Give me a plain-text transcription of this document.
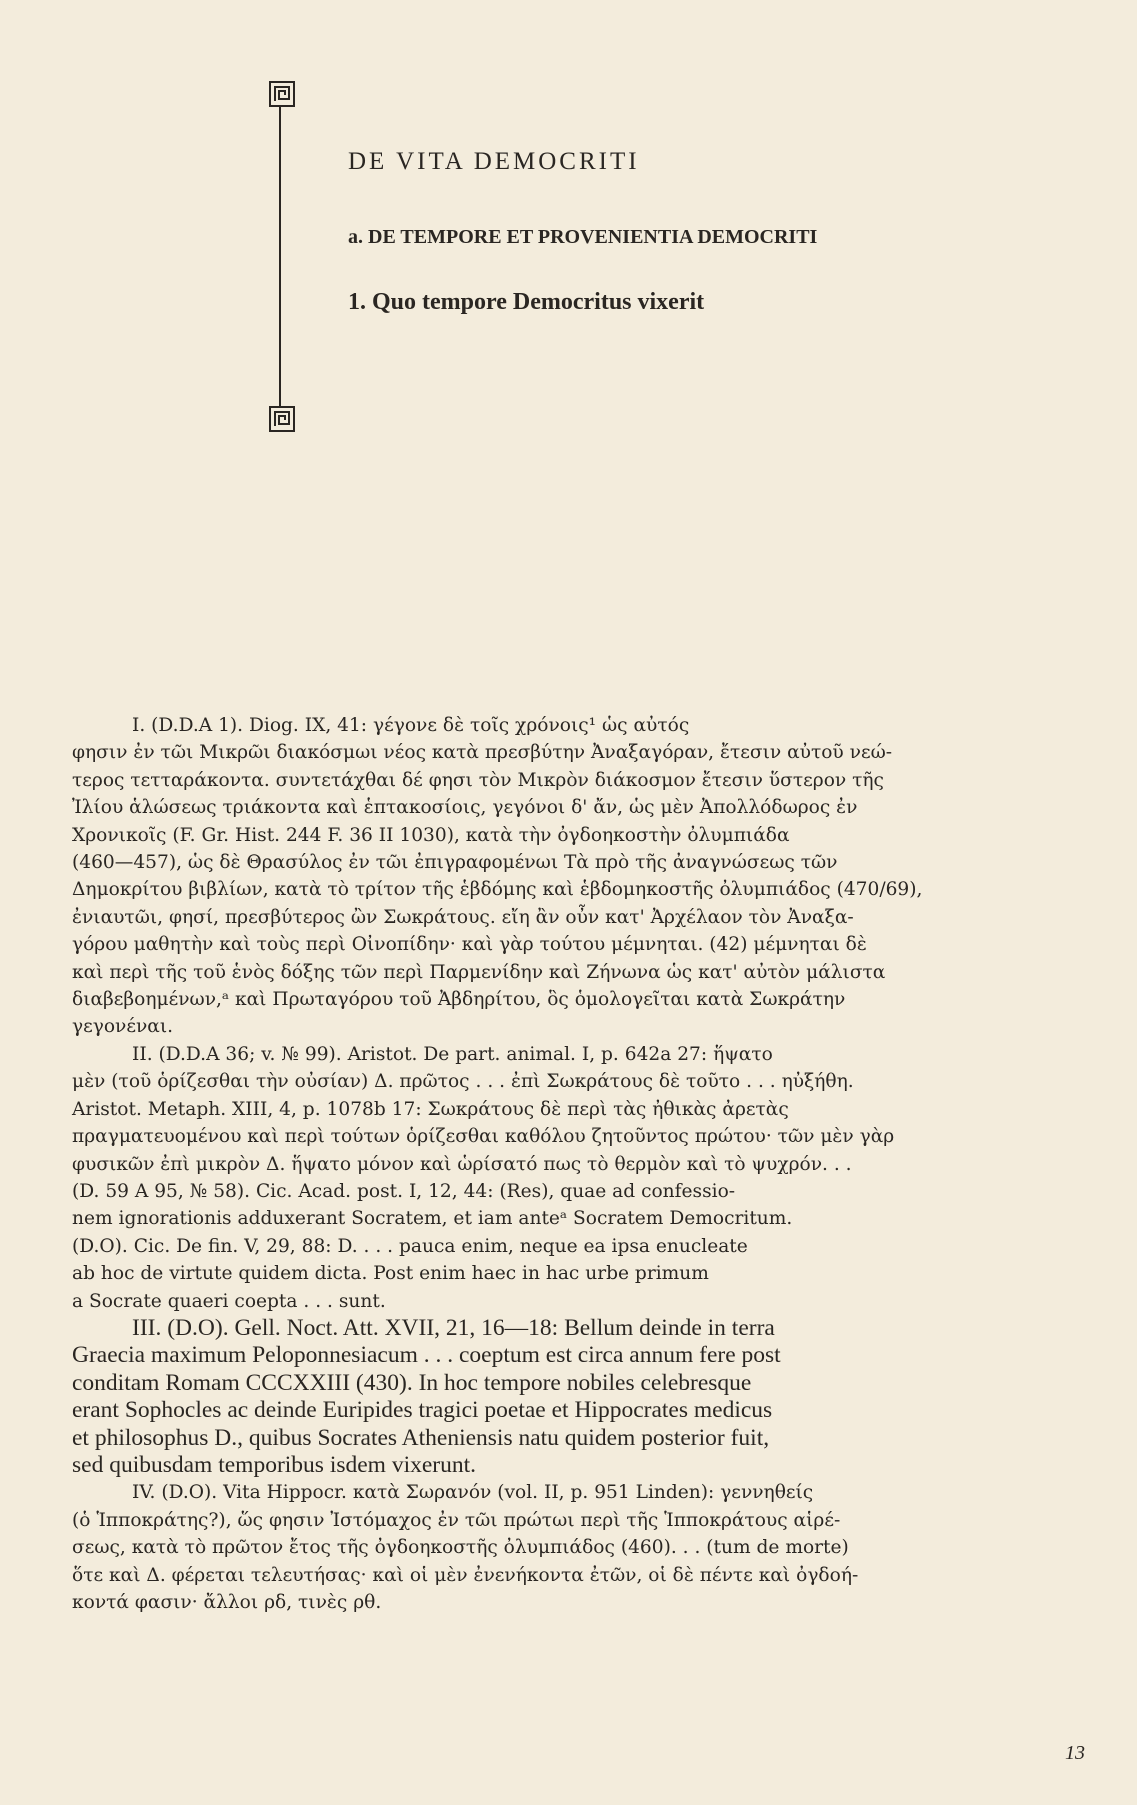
DE VITA DEMOCRITI
a. DE TEMPORE ET PROVENIENTIA DEMOCRITI
1. Quo tempore Democritus vixerit

I. (D.D.A 1). Diog. IX, 41: γέγονε δὲ τοῖς χρόνοις¹ ὡς αὐτός
φησιν ἐν τῶι Μικρῶι διακόσμωι νέος κατὰ πρεσβύτην Ἀναξαγόραν, ἔτεσιν αὐτοῦ νεώ-
τερος τετταράκοντα. συντετάχθαι δέ φησι τὸν Μικρὸν διάκοσμον ἔτεσιν ὕστερον τῆς
Ἰλίου ἁλώσεως τριάκοντα καὶ ἑπτακοσίοις, γεγόνοι δ' ἄν, ὡς μὲν Ἀπολλόδωρος ἐν
Χρονικοῖς (F. Gr. Hist. 244 F. 36 II 1030), κατὰ τὴν ὀγδοηκοστὴν ὀλυμπιάδα
(460—457), ὡς δὲ Θρασύλος ἐν τῶι ἐπιγραφομένωι Τὰ πρὸ τῆς ἀναγνώσεως τῶν
Δημοκρίτου βιβλίων, κατὰ τὸ τρίτον τῆς ἑβδόμης καὶ ἑβδομηκοστῆς ὀλυμπιάδος (470/69),
ἐνιαυτῶι, φησί, πρεσβύτερος ὢν Σωκράτους. εἴη ἂν οὖν κατ' Ἀρχέλαον τὸν Ἀναξα-
γόρου μαθητὴν καὶ τοὺς περὶ Οἰνοπίδην· καὶ γὰρ τούτου μέμνηται. (42) μέμνηται δὲ
καὶ περὶ τῆς τοῦ ἑνὸς δόξης τῶν περὶ Παρμενίδην καὶ Ζήνωνα ὡς κατ' αὐτὸν μάλιστα
διαβεβοημένων,ᵃ καὶ Πρωταγόρου τοῦ Ἀβδηρίτου, ὃς ὁμολογεῖται κατὰ Σωκράτην
γεγονέναι.

II. (D.D.A 36; v. № 99). Aristot. De part. animal. I, p. 642a 27: ἥψατο
μὲν (τοῦ ὁρίζεσθαι τὴν οὐσίαν) Δ. πρῶτος . . . ἐπὶ Σωκράτους δὲ τοῦτο . . . ηὐξήθη.
Aristot. Metaph. XIII, 4, p. 1078b 17: Σωκράτους δὲ περὶ τὰς ἠθικὰς ἀρετὰς
πραγματευομένου καὶ περὶ τούτων ὁρίζεσθαι καθόλου ζητοῦντος πρώτου· τῶν μὲν γὰρ
φυσικῶν ἐπὶ μικρὸν Δ. ἥψατο μόνον καὶ ὡρίσατό πως τὸ θερμὸν καὶ τὸ ψυχρόν. . .
(D. 59 A 95, № 58). Cic. Acad. post. I, 12, 44: (Res), quae ad confessio-
nem ignorationis adduxerant Socratem, et iam anteᵃ Socratem Democritum.
(D.O). Cic. De fin. V, 29, 88: D. . . . pauca enim, neque ea ipsa enucleate
ab hoc de virtute quidem dicta. Post enim haec in hac urbe primum
a Socrate quaeri coepta . . . sunt.

III. (D.O). Gell. Noct. Att. XVII, 21, 16—18: Bellum deinde in terra
Graecia maximum Peloponnesiacum . . . coeptum est circa annum fere post
conditam Romam CCCXXIII (430). In hoc tempore nobiles celebresque
erant Sophocles ac deinde Euripides tragici poetae et Hippocrates medicus
et philosophus D., quibus Socrates Atheniensis natu quidem posterior fuit,
sed quibusdam temporibus isdem vixerunt.

IV. (D.O). Vita Hippocr. κατὰ Σωρανόν (vol. II, p. 951 Linden): γεννηθείς
(ὁ Ἱπποκράτης?), ὥς φησιν Ἰστόμαχος ἐν τῶι πρώτωι περὶ τῆς Ἱπποκράτους αἱρέ-
σεως, κατὰ τὸ πρῶτον ἔτος τῆς ὀγδοηκοστῆς ὀλυμπιάδος (460). . . (tum de morte)
ὅτε καὶ Δ. φέρεται τελευτήσας· καὶ οἱ μὲν ἐνενήκοντα ἐτῶν, οἱ δὲ πέντε καὶ ὀγδοή-
κοντά φασιν· ἄλλοι ρδ, τινὲς ρθ.

13
